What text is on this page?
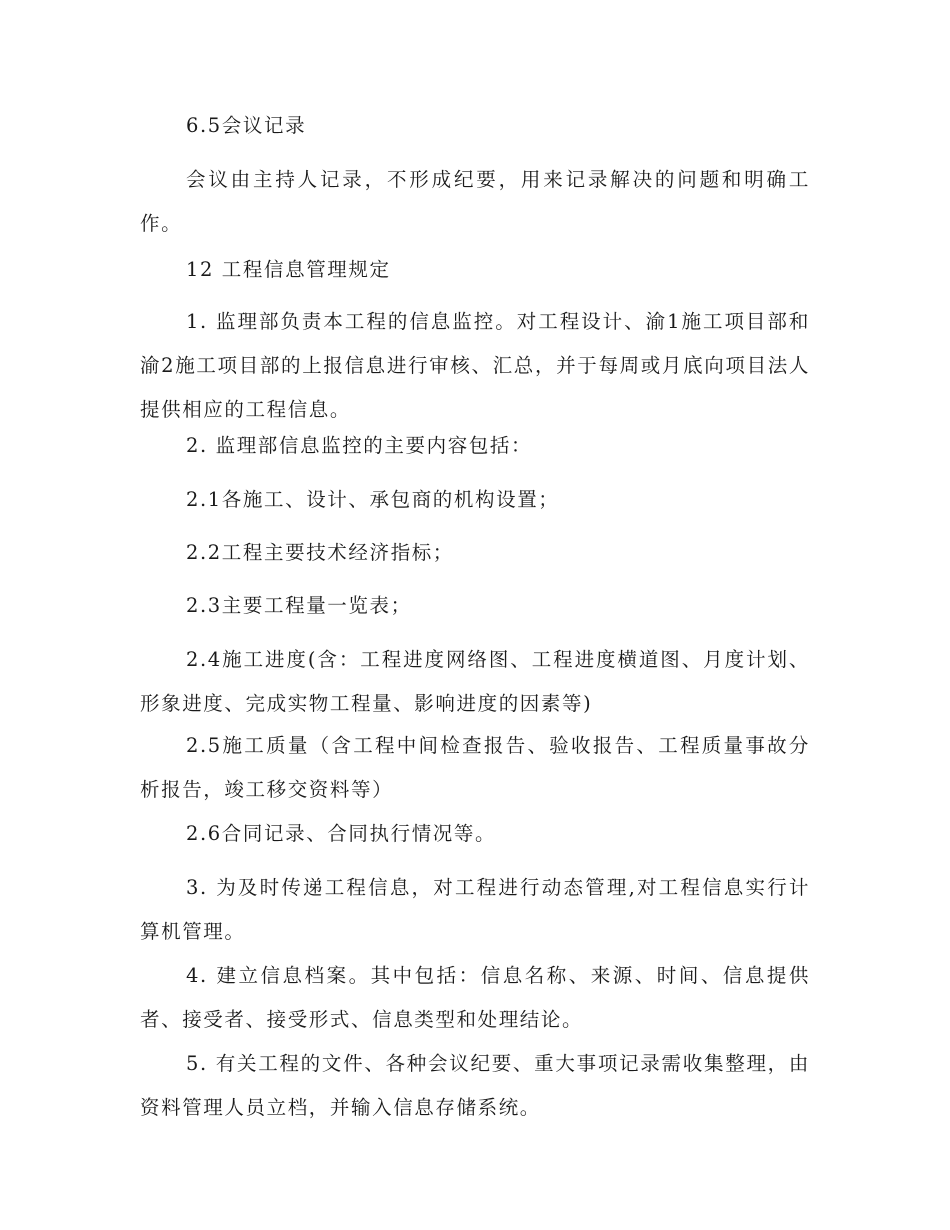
6.5会议记录

会议由主持人记录，不形成纪要，用来记录解决的问题和明确工作。

12 工程信息管理规定

1. 监理部负责本工程的信息监控。对工程设计、渝1施工项目部和渝2施工项目部的上报信息进行审核、汇总，并于每周或月底向项目法人提供相应的工程信息。

2. 监理部信息监控的主要内容包括：

2.1各施工、设计、承包商的机构设置；

2.2工程主要技术经济指标；

2.3主要工程量一览表；

2.4施工进度(含：工程进度网络图、工程进度横道图、月度计划、形象进度、完成实物工程量、影响进度的因素等)

2.5施工质量（含工程中间检查报告、验收报告、工程质量事故分析报告，竣工移交资料等）

2.6合同记录、合同执行情况等。

3. 为及时传递工程信息，对工程进行动态管理,对工程信息实行计算机管理。

4. 建立信息档案。其中包括：信息名称、来源、时间、信息提供者、接受者、接受形式、信息类型和处理结论。

5. 有关工程的文件、各种会议纪要、重大事项记录需收集整理，由资料管理人员立档，并输入信息存储系统。
